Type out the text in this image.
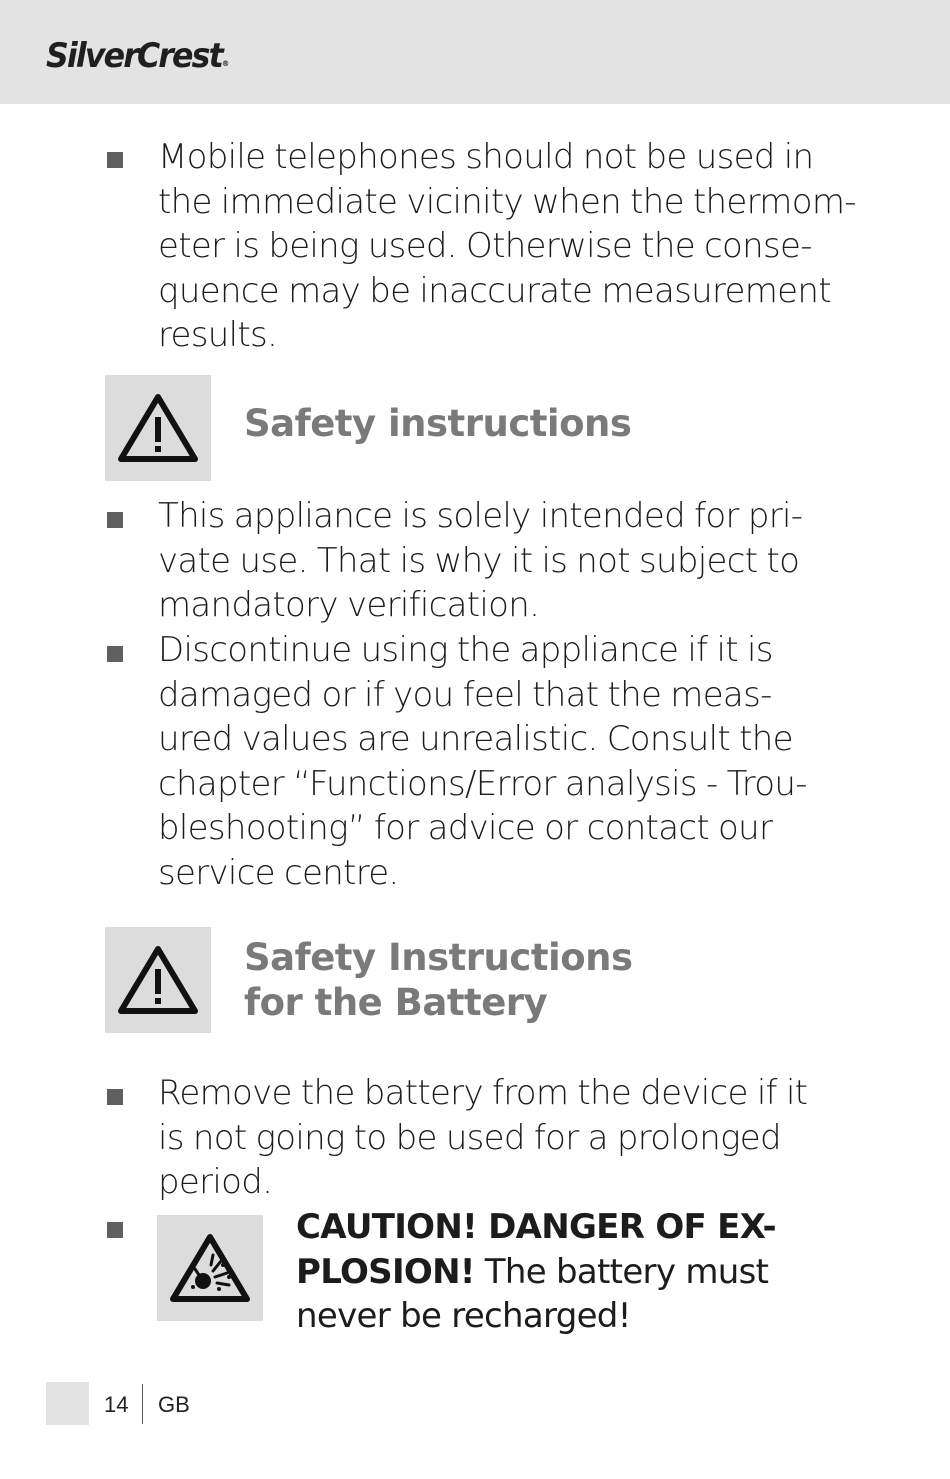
SilverCrest®
Mobile telephones should not be used in
the immediate vicinity when the thermom-
eter is being used. Otherwise the conse-
quence may be inaccurate measurement
results.
Safety instructions
This appliance is solely intended for pri-
vate use. That is why it is not subject to
mandatory verification.
Discontinue using the appliance if it is
damaged or if you feel that the meas-
ured values are unrealistic. Consult the
chapter “Functions/Error analysis - Trou-
bleshooting” for advice or contact our
service centre.
Safety Instructions
for the Battery
Remove the battery from the device if it
is not going to be used for a prolonged
period.
CAUTION! DANGER OF EX-
PLOSION! The battery must
never be recharged!
14 GB
